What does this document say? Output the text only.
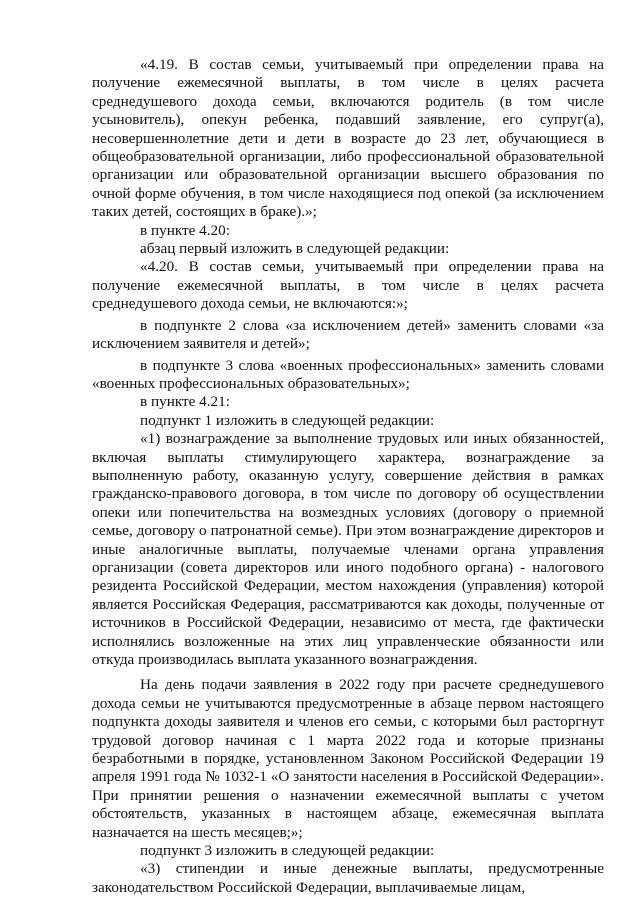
«4.19. В состав семьи, учитываемый при определении права на получение ежемесячной выплаты, в том числе в целях расчета среднедушевого дохода семьи, включаются родитель (в том числе усыновитель), опекун ребенка, подавший заявление, его супруг(а), несовершеннолетние дети и дети в возрасте до 23 лет, обучающиеся в общеобразовательной организации, либо профессиональной образовательной организации или образовательной организации высшего образования по очной форме обучения, в том числе находящиеся под опекой (за исключением таких детей, состоящих в браке).»;

в пункте 4.20:

абзац первый изложить в следующей редакции:

«4.20. В состав семьи, учитываемый при определении права на получение ежемесячной выплаты, в том числе в целях расчета среднедушевого дохода семьи, не включаются:»;

в подпункте 2 слова «за исключением детей» заменить словами «за исключением заявителя и детей»;

в подпункте 3 слова «военных профессиональных» заменить словами «военных профессиональных образовательных»;

в пункте 4.21:

подпункт 1 изложить в следующей редакции:

«1) вознаграждение за выполнение трудовых или иных обязанностей, включая выплаты стимулирующего характера, вознаграждение за выполненную работу, оказанную услугу, совершение действия в рамках гражданско-правового договора, в том числе по договору об осуществлении опеки или попечительства на возмездных условиях (договору о приемной семье, договору о патронатной семье). При этом вознаграждение директоров и иные аналогичные выплаты, получаемые членами органа управления организации (совета директоров или иного подобного органа) - налогового резидента Российской Федерации, местом нахождения (управления) которой является Российская Федерация, рассматриваются как доходы, полученные от источников в Российской Федерации, независимо от места, где фактически исполнялись возложенные на этих лиц управленческие обязанности или откуда производилась выплата указанного вознаграждения.

На день подачи заявления в 2022 году при расчете среднедушевого дохода семьи не учитываются предусмотренные в абзаце первом настоящего подпункта доходы заявителя и членов его семьи, с которыми был расторгнут трудовой договор начиная с 1 марта 2022 года и которые признаны безработными в порядке, установленном Законом Российской Федерации 19 апреля 1991 года № 1032-1 «О занятости населения в Российской Федерации». При принятии решения о назначении ежемесячной выплаты с учетом обстоятельств, указанных в настоящем абзаце, ежемесячная выплата назначается на шесть месяцев;»;

подпункт 3 изложить в следующей редакции:

«3) стипендии и иные денежные выплаты, предусмотренные законодательством Российской Федерации, выплачиваемые лицам,
